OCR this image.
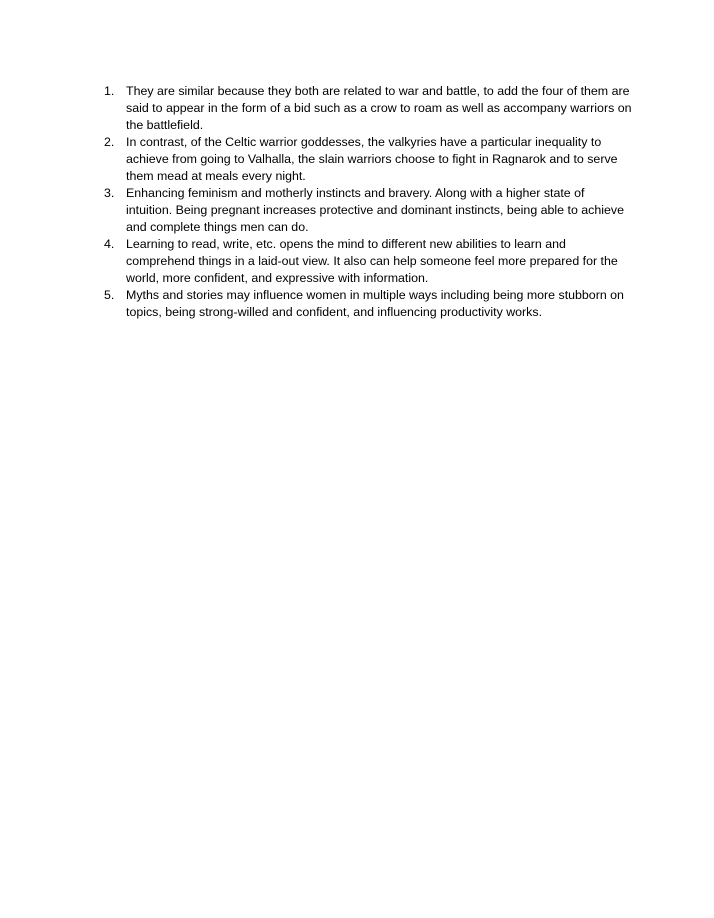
1. They are similar because they both are related to war and battle, to add the four of them are said to appear in the form of a bid such as a crow to roam as well as accompany warriors on the battlefield.
2. In contrast, of the Celtic warrior goddesses, the valkyries have a particular inequality to achieve from going to Valhalla, the slain warriors choose to fight in Ragnarok and to serve them mead at meals every night.
3. Enhancing feminism and motherly instincts and bravery. Along with a higher state of intuition. Being pregnant increases protective and dominant instincts, being able to achieve and complete things men can do.
4. Learning to read, write, etc. opens the mind to different new abilities to learn and comprehend things in a laid-out view. It also can help someone feel more prepared for the world, more confident, and expressive with information.
5. Myths and stories may influence women in multiple ways including being more stubborn on topics, being strong-willed and confident, and influencing productivity works.
